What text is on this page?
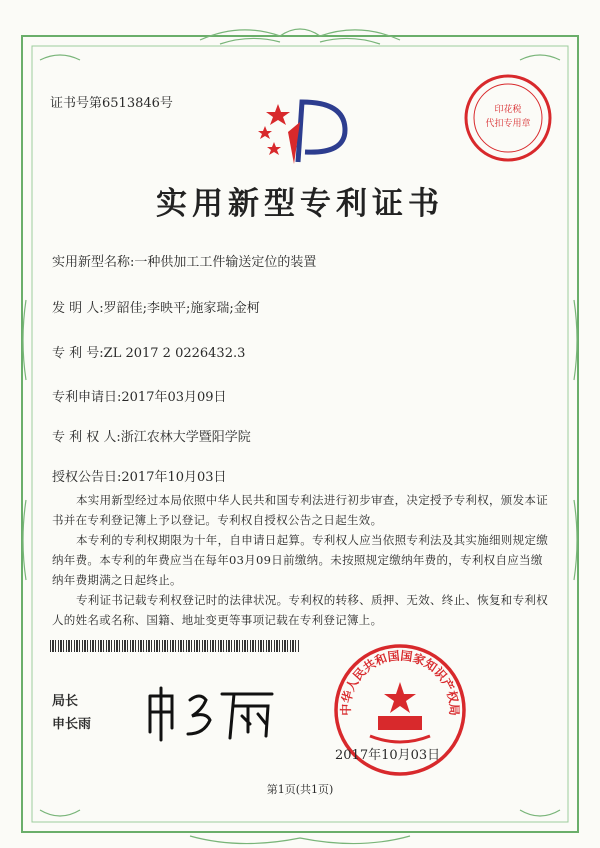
证书号第6513846号	印花税
代扣专用章
实用新型专利证书
实用新型名称:一种供加工工件输送定位的装置
发 明 人:罗韶佳;李映平;施家瑞;金柯
专 利 号:ZL 2017 2 0226432.3
专利申请日:2017年03月09日
专 利 权 人:浙江农林大学暨阳学院
授权公告日:2017年10月03日
本实用新型经过本局依照中华人民共和国专利法进行初步审查，决定授予专利权，颁发本证书并在专利登记簿上予以登记。专利权自授权公告之日起生效。
本专利的专利权期限为十年，自申请日起算。专利权人应当依照专利法及其实施细则规定缴纳年费。本专利的年费应当在每年03月09日前缴纳。未按照规定缴纳年费的，专利权自应当缴纳年费期满之日起终止。
专利证书记载专利权登记时的法律状况。专利权的转移、质押、无效、终止、恢复和专利权人的姓名或名称、国籍、地址变更等事项记载在专利登记簿上。
局长
申长雨
中华人民共和国国家知识产权局
2017年10月03日
第1页(共1页)
